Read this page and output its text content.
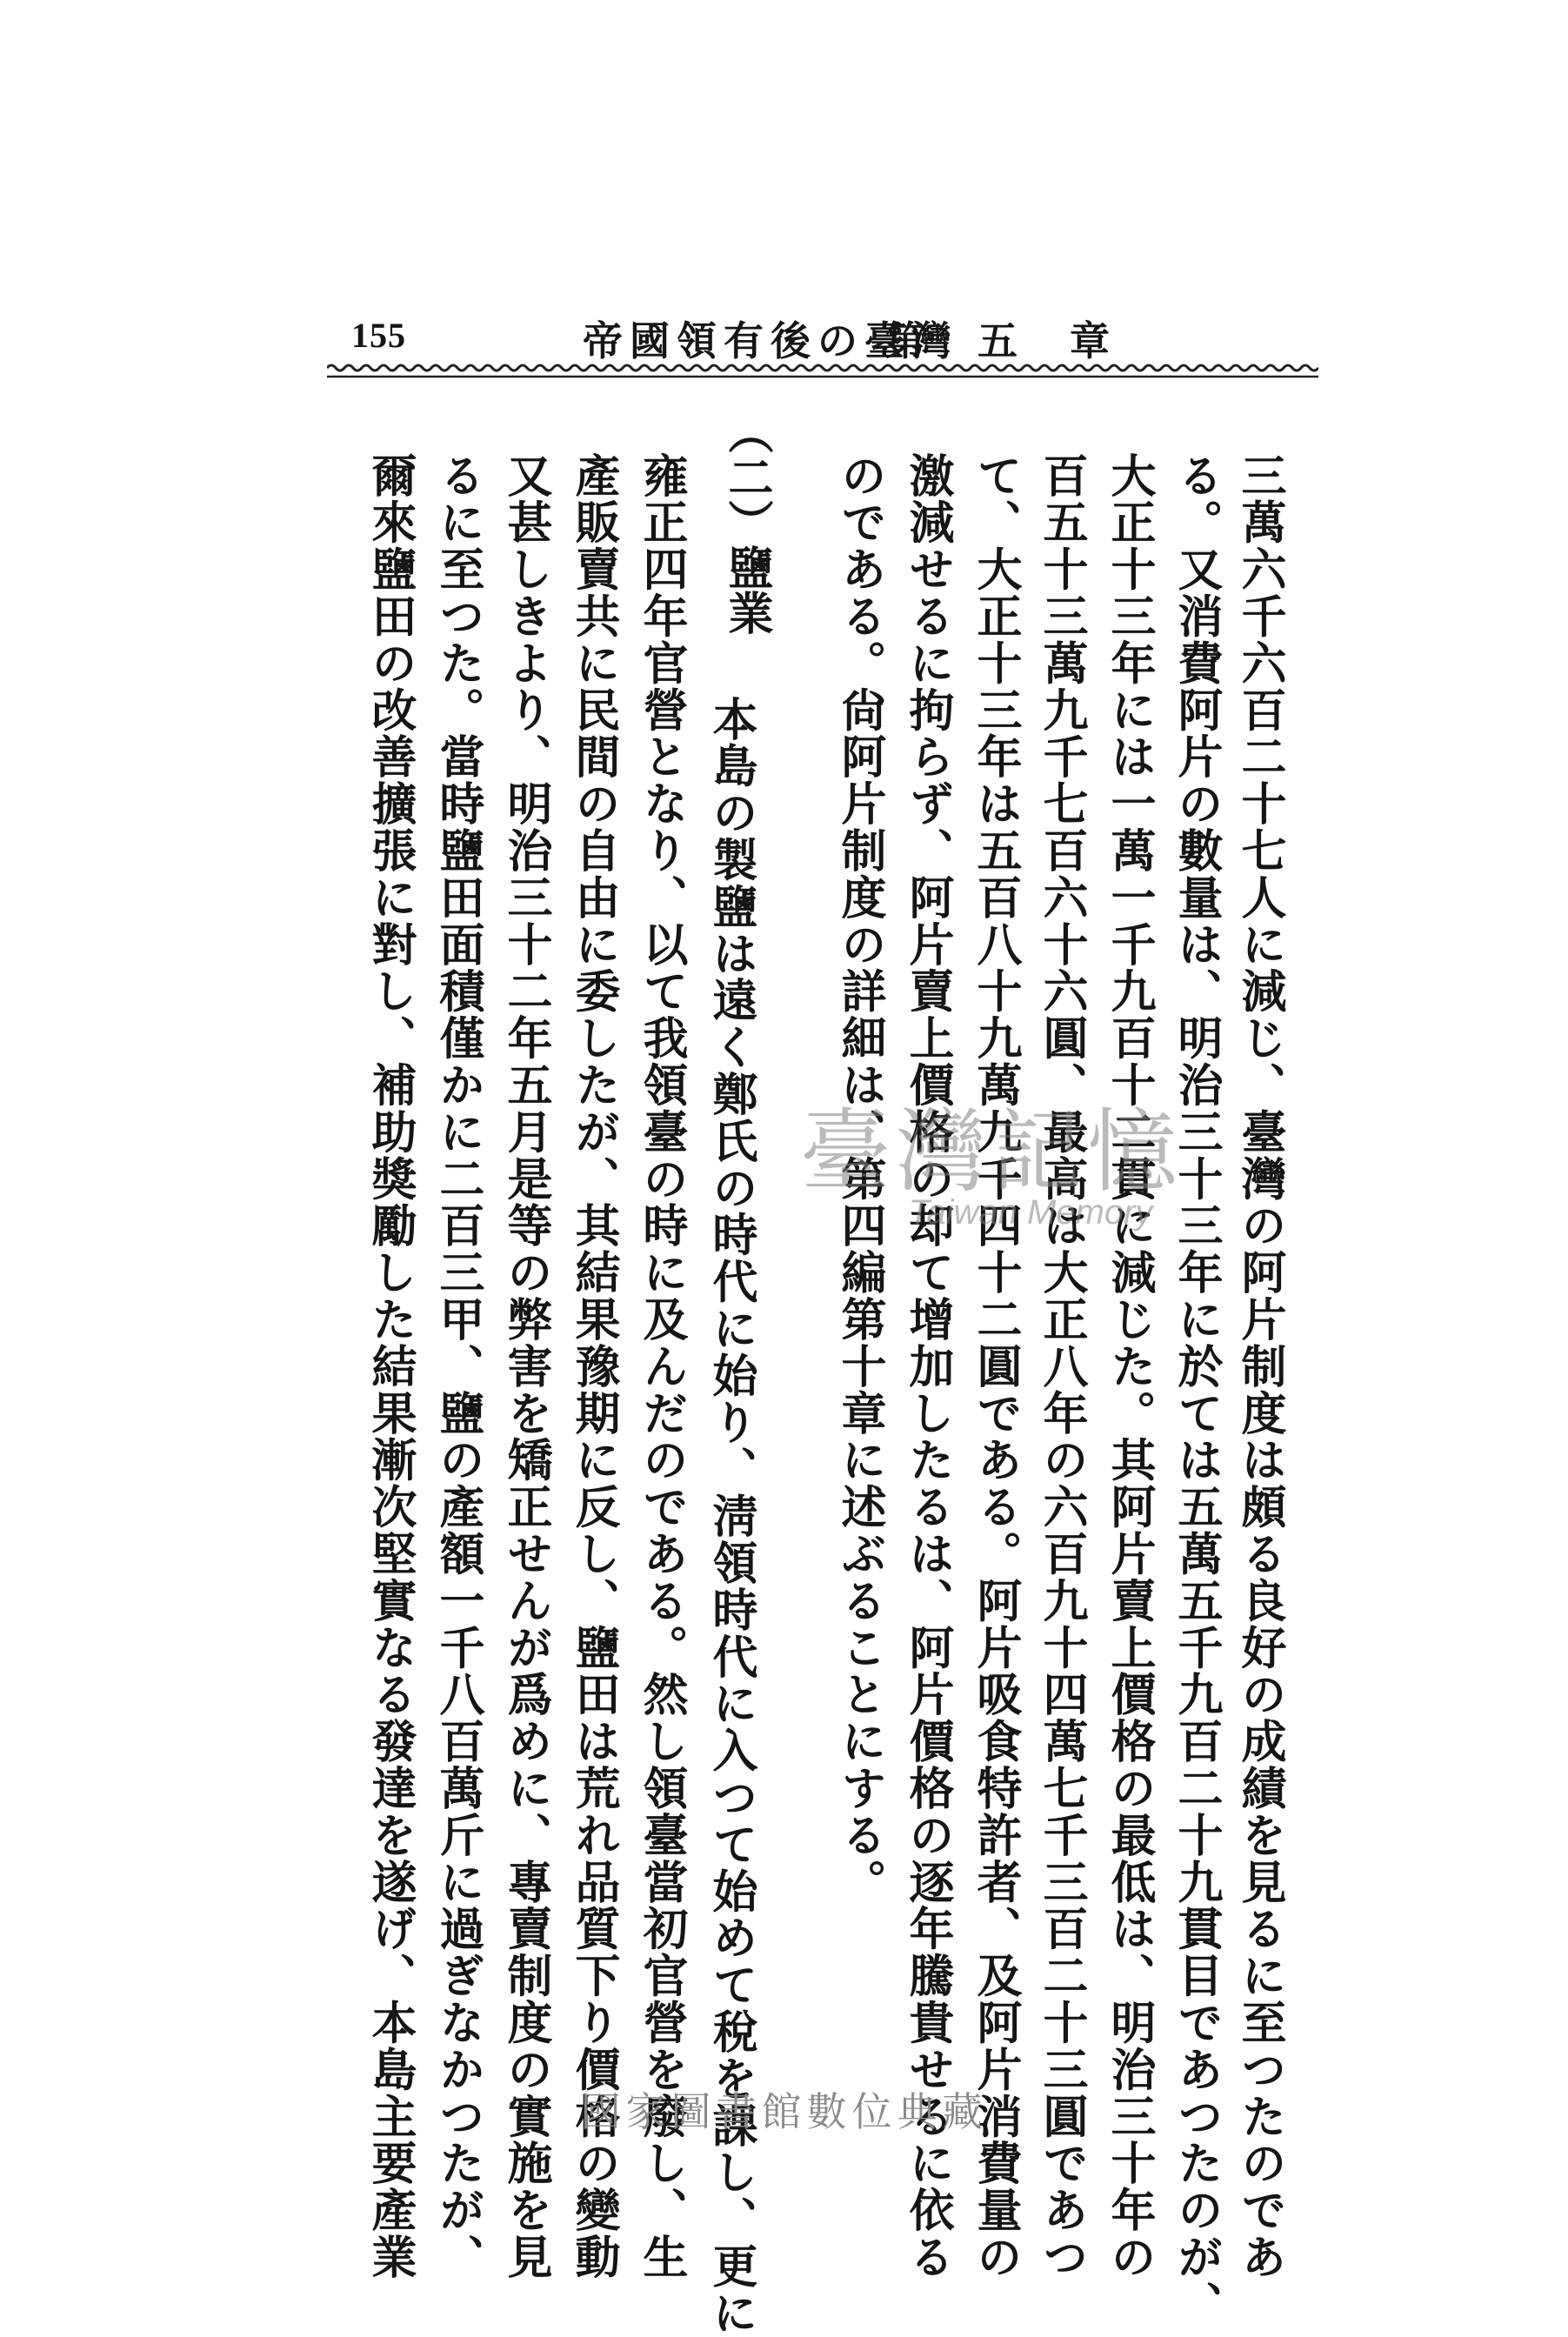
155	帝國領有後の臺灣
第五章
三萬六千六百二十七人に減じ、臺灣の阿片制度は頗る良好の成績を見るに至つたのであ
る。又消費阿片の數量は、明治三十三年に於ては五萬五千九百二十九貫目であつたのが、
大正十三年には一萬一千九百十二貫に減じた。其阿片賣上價格の最低は、明治三十年の
百五十三萬九千七百六十六圓、最高は大正八年の六百九十四萬七千三百二十三圓であつ
て、大正十三年は五百八十九萬九千四十二圓である。阿片吸食特許者、及阿片消費量の
激減せるに拘らず、阿片賣上價格の却て增加したるは、阿片價格の逐年騰貴せるに依る
のである。尙阿片制度の詳細は、第四編第十章に述ぶることにする。
（二）鹽業
本島の製鹽は遠く鄭氏の時代に始り、淸領時代に入つて始めて稅を課し、更に
雍正四年官營となり、以て我領臺の時に及んだのである。然し領臺當初官營を廢し、生
產販賣共に民間の自由に委したが、其結果豫期に反し、鹽田は荒れ品質下り價格の變動
又甚しきより、明治三十二年五月是等の弊害を矯正せんが爲めに、專賣制度の實施を見
るに至つた。當時鹽田面積僅かに二百三甲、鹽の產額一千八百萬斤に過ぎなかつたが、
爾來鹽田の改善擴張に對し、補助獎勵した結果漸次堅實なる發達を遂げ、本島主要產業	臺灣記憶
Taiwan Memory
國家圖書館數位典藏
